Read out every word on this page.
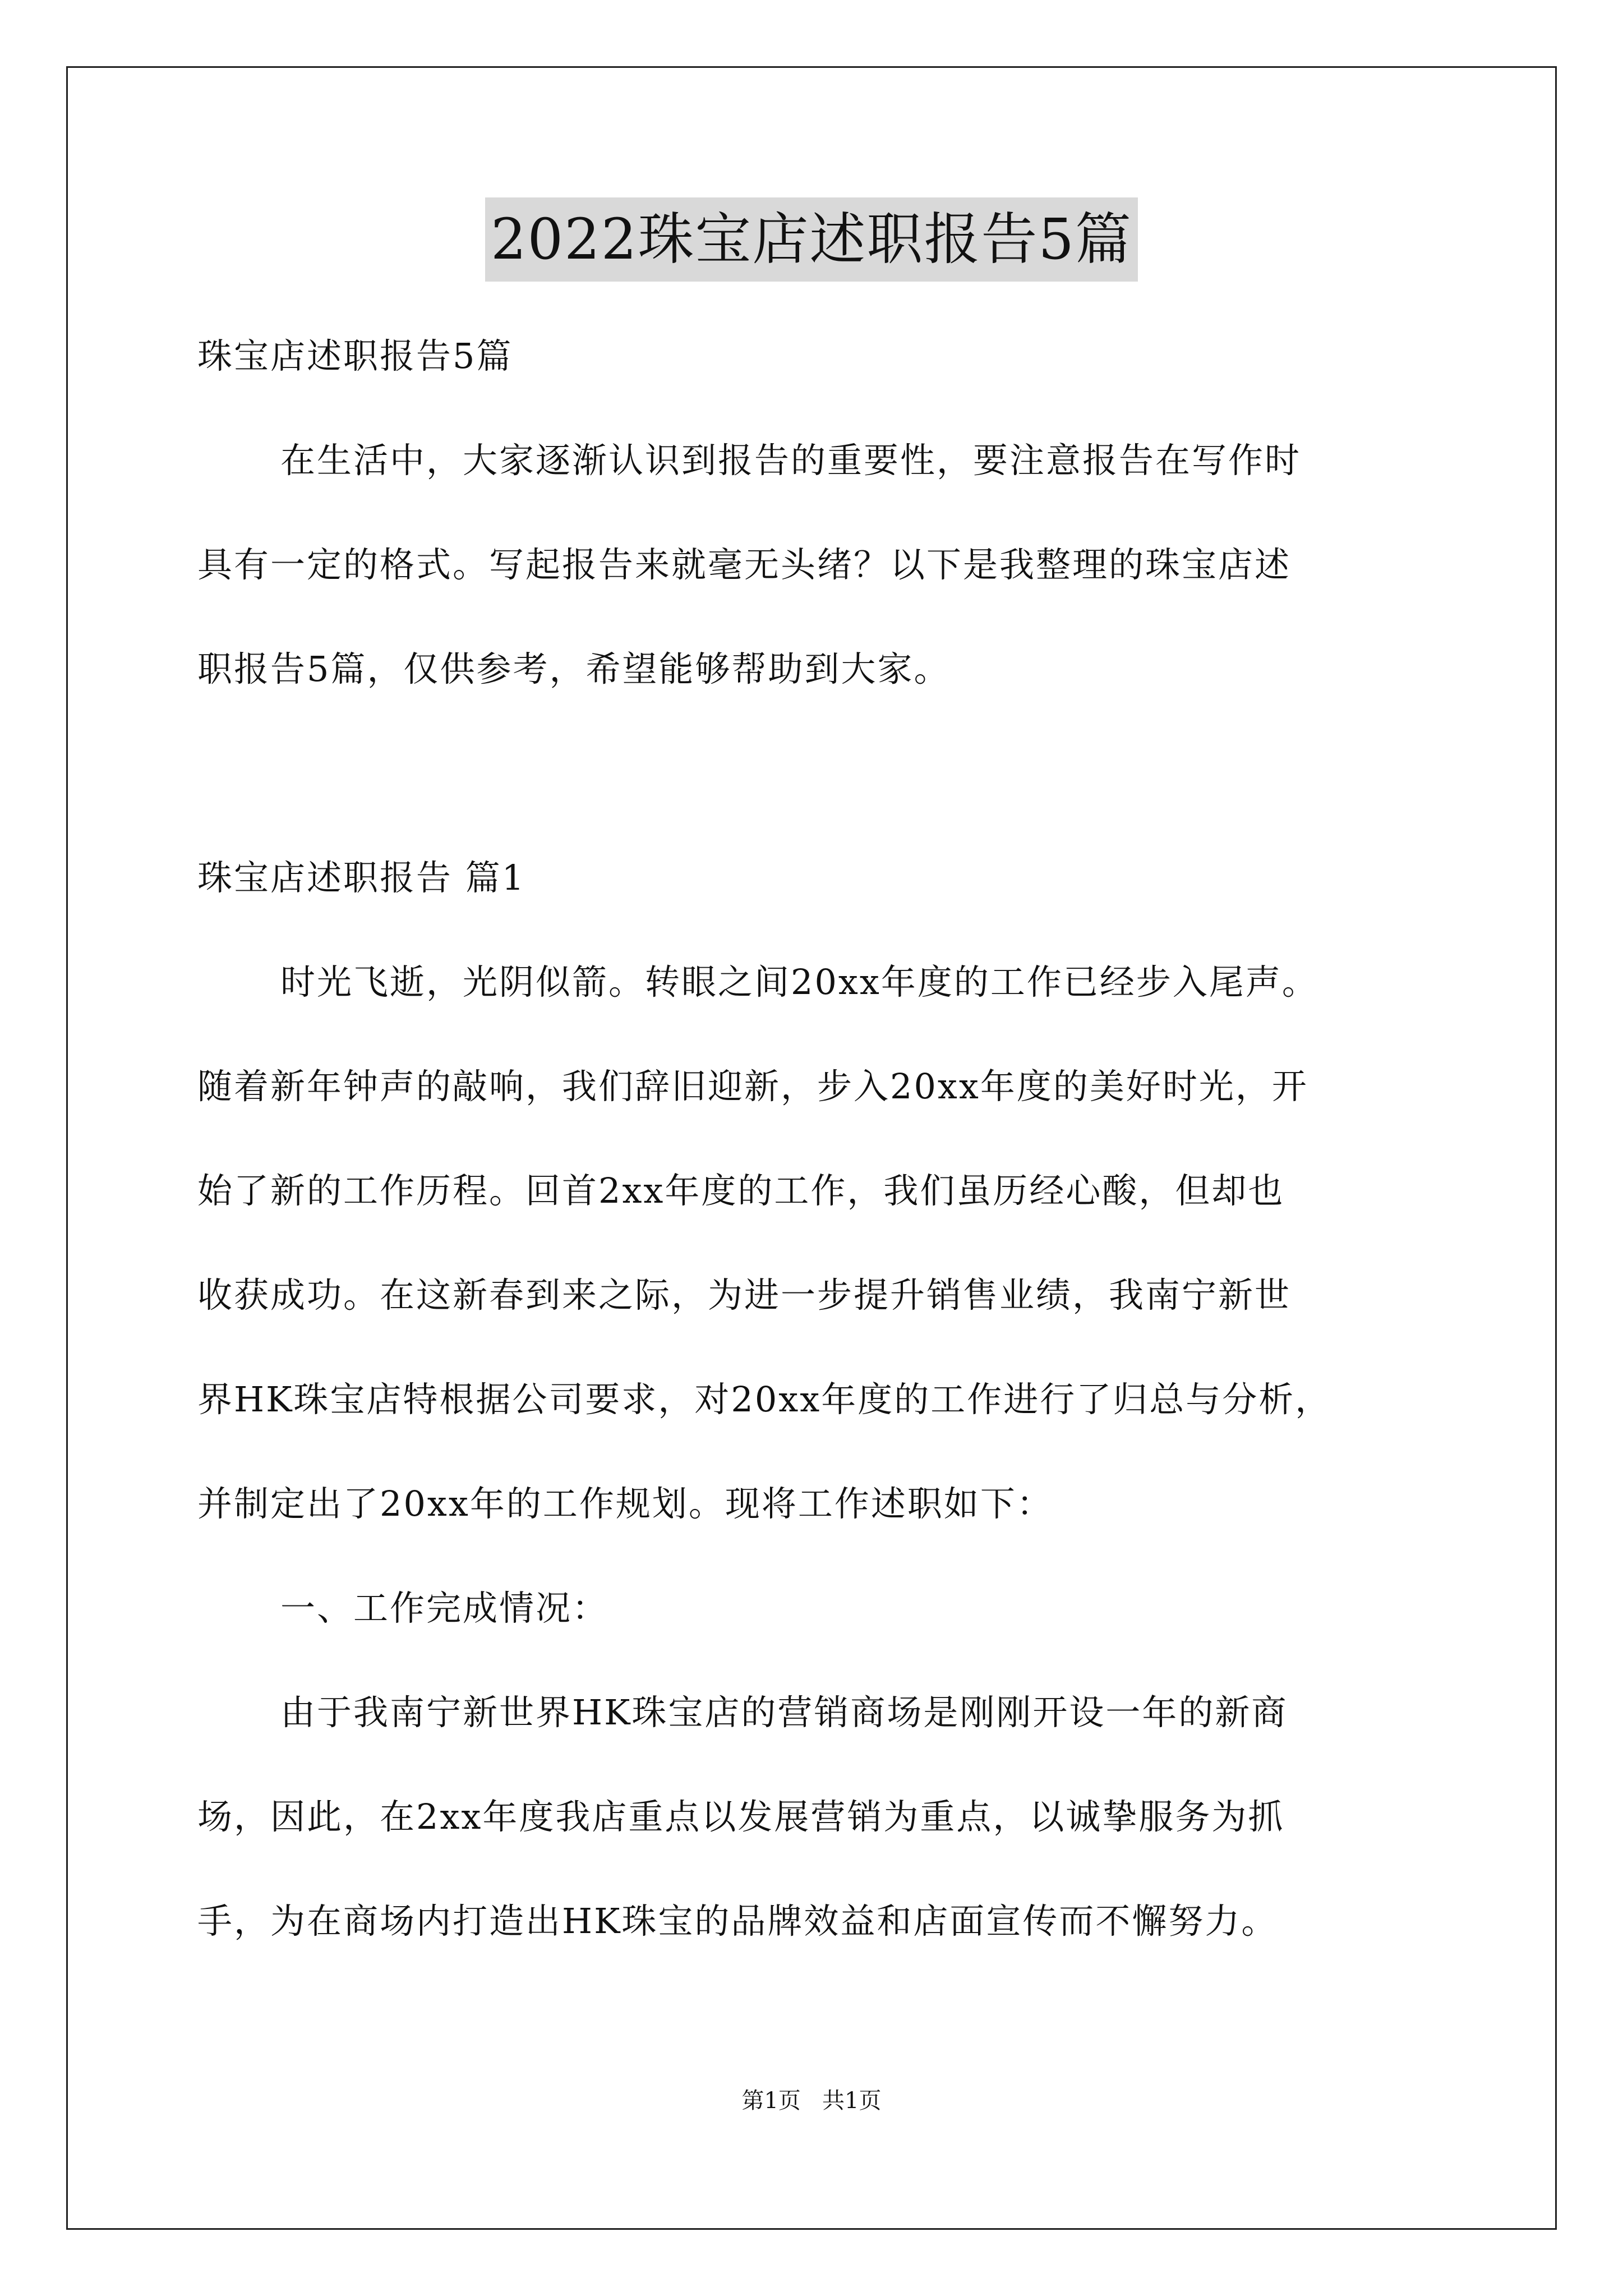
2022珠宝店述职报告5篇
珠宝店述职报告5篇
在生活中，大家逐渐认识到报告的重要性，要注意报告在写作时
具有一定的格式。写起报告来就毫无头绪？以下是我整理的珠宝店述
职报告5篇，仅供参考，希望能够帮助到大家。
珠宝店述职报告 篇1
时光飞逝，光阴似箭。转眼之间20xx年度的工作已经步入尾声。
随着新年钟声的敲响，我们辞旧迎新，步入20xx年度的美好时光，开
始了新的工作历程。回首2xx年度的工作，我们虽历经心酸，但却也
收获成功。在这新春到来之际，为进一步提升销售业绩，我南宁新世
界HK珠宝店特根据公司要求，对20xx年度的工作进行了归总与分析，
并制定出了20xx年的工作规划。现将工作述职如下：
一、工作完成情况：
由于我南宁新世界HK珠宝店的营销商场是刚刚开设一年的新商
场，因此，在2xx年度我店重点以发展营销为重点，以诚挚服务为抓
手，为在商场内打造出HK珠宝的品牌效益和店面宣传而不懈努力。
第1页   共1页
